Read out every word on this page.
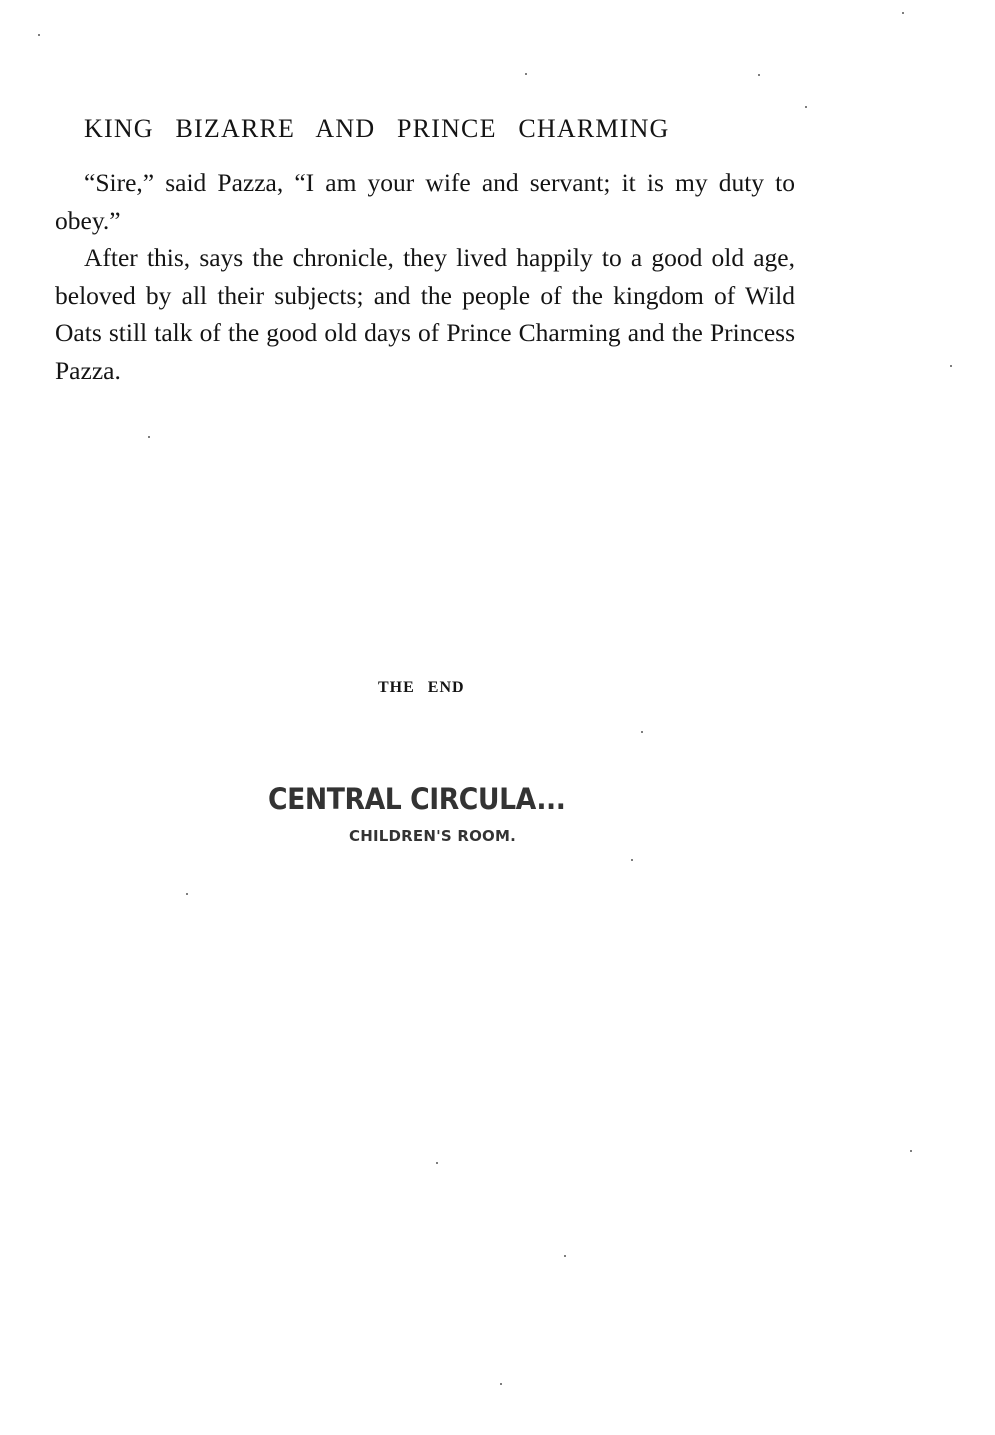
KING BIZARRE AND PRINCE CHARMING

“Sire,” said Pazza, “I am your wife and servant; it is my duty to obey.”

After this, says the chronicle, they lived happily to a good old age, beloved by all their subjects; and the people of the kingdom of Wild Oats still talk of the good old days of Prince Charming and the Princess Pazza.

THE END
CENTRAL CIRCULA...
CHILDREN'S ROOM.
